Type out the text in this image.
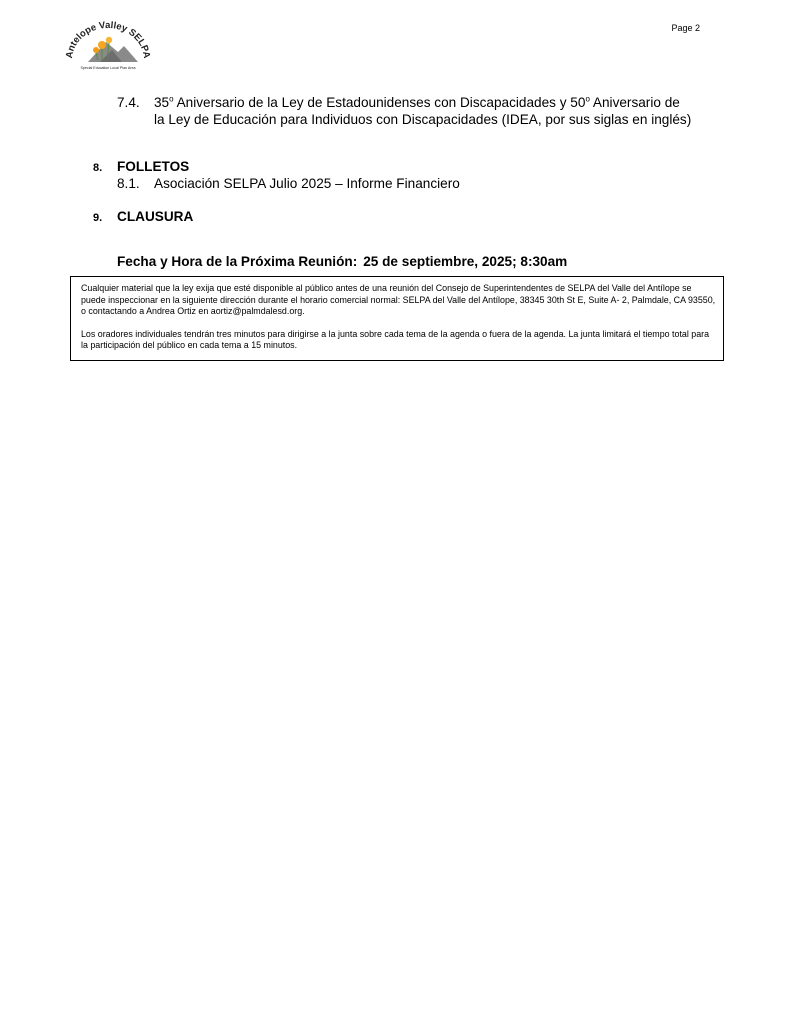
Antelope Valley SELPA
Special Education Local Plan Area
Page 2
7.4. 35$^o$ Aniversario de la Ley de Estadounidenses con Discapacidades y 50$^o$ Aniversario de la Ley de Educación para Individuos con Discapacidades (IDEA, por sus siglas en inglés)
8. FOLLETOS
8.1. Asociación SELPA Julio 2025 – Informe Financiero
9. CLAUSURA
Fecha y Hora de la Próxima Reunión: 25 de septiembre, 2025; 8:30am

Cualquier material que la ley exija que esté disponible al público antes de una reunión del Consejo de Superintendentes de SELPA del Valle del Antílope se puede inspeccionar en la siguiente dirección durante el horario comercial normal: SELPA del Valle del Antílope, 38345 30th St E, Suite A- 2, Palmdale, CA 93550, o contactando a Andrea Ortiz en aortiz@palmdalesd.org.

Los oradores individuales tendrán tres minutos para dirigirse a la junta sobre cada tema de la agenda o fuera de la agenda. La junta limitará el tiempo total para la participación del público en cada tema a 15 minutos.
